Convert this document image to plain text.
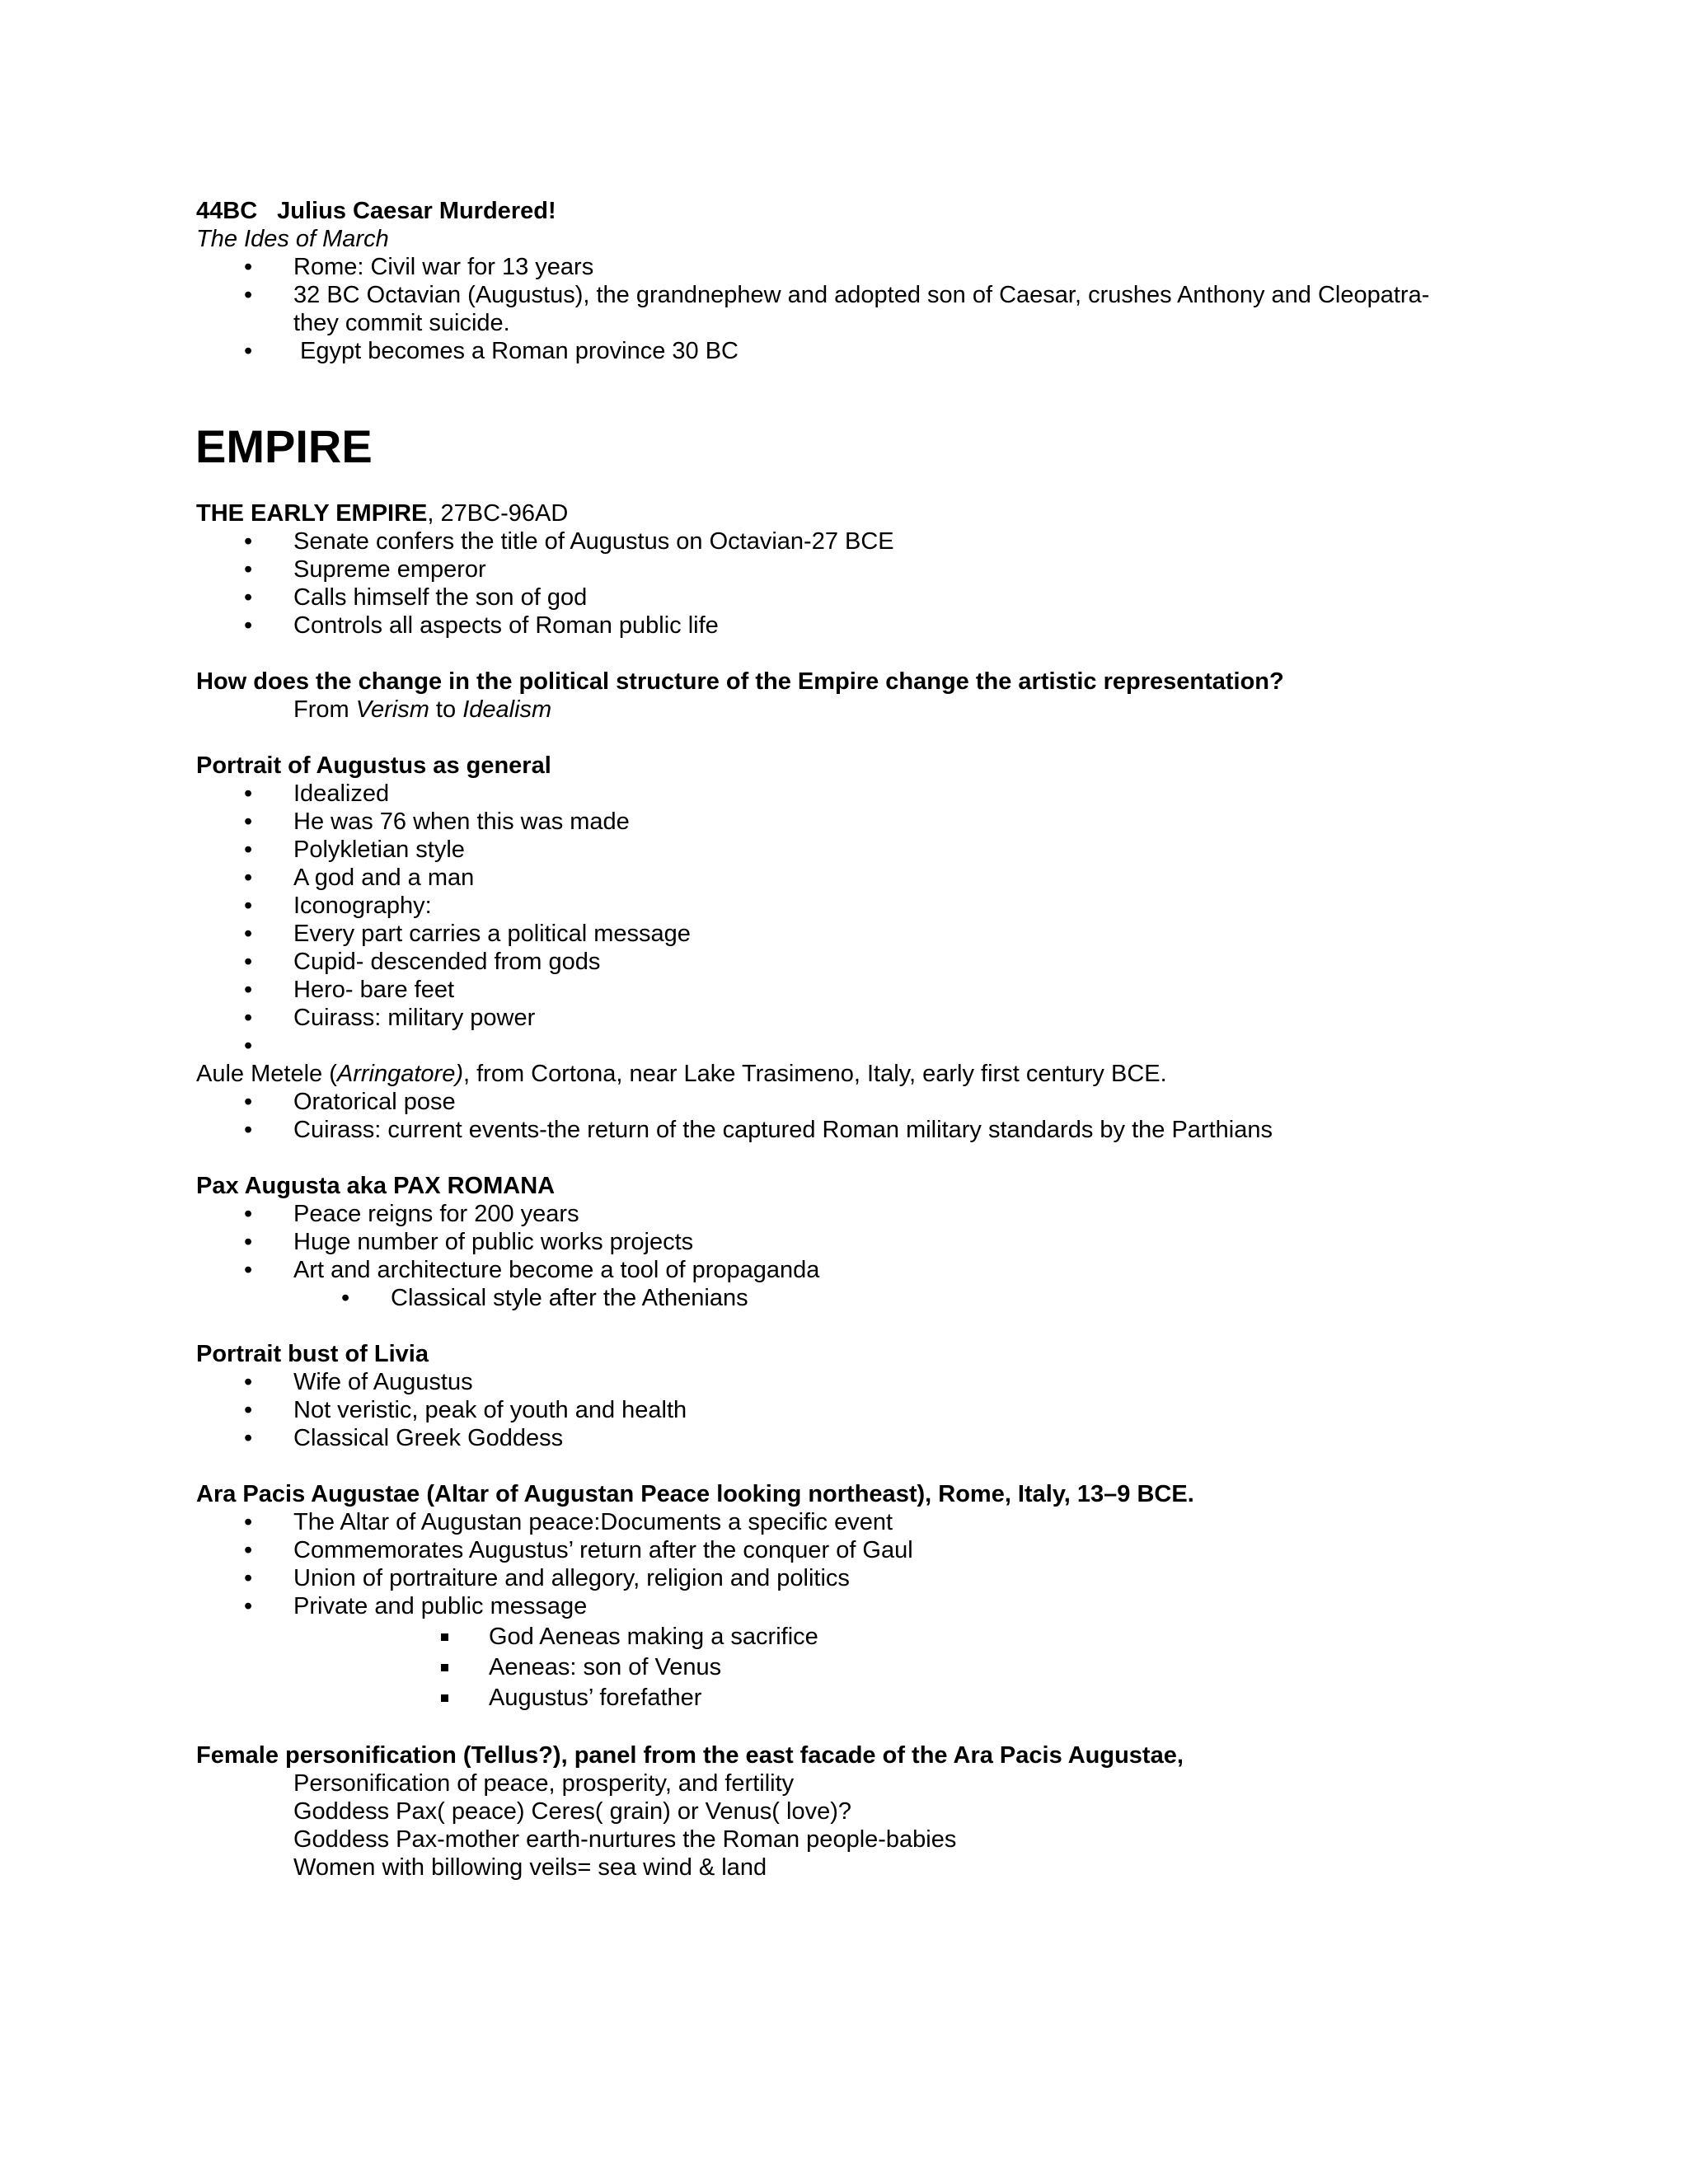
44BC Julius Caesar Murdered!
The Ides of March
• Rome: Civil war for 13 years
• 32 BC Octavian (Augustus), the grandnephew and adopted son of Caesar, crushes Anthony and Cleopatra-
they commit suicide.
• Egypt becomes a Roman province 30 BC
EMPIRE
THE EARLY EMPIRE, 27BC-96AD
• Senate confers the title of Augustus on Octavian-27 BCE
• Supreme emperor
• Calls himself the son of god
• Controls all aspects of Roman public life
How does the change in the political structure of the Empire change the artistic representation?
From Verism to Idealism
Portrait of Augustus as general
• Idealized
• He was 76 when this was made
• Polykletian style
• A god and a man
• Iconography:
• Every part carries a political message
• Cupid- descended from gods
• Hero- bare feet
• Cuirass: military power
•
Aule Metele (Arringatore), from Cortona, near Lake Trasimeno, Italy, early first century BCE.
• Oratorical pose
• Cuirass: current events-the return of the captured Roman military standards by the Parthians
Pax Augusta aka PAX ROMANA
• Peace reigns for 200 years
• Huge number of public works projects
• Art and architecture become a tool of propaganda
• Classical style after the Athenians
Portrait bust of Livia
• Wife of Augustus
• Not veristic, peak of youth and health
• Classical Greek Goddess
Ara Pacis Augustae (Altar of Augustan Peace looking northeast), Rome, Italy, 13–9 BCE.
• The Altar of Augustan peace:Documents a specific event
• Commemorates Augustus’ return after the conquer of Gaul
• Union of portraiture and allegory, religion and politics
• Private and public message
God Aeneas making a sacrifice
Aeneas: son of Venus
Augustus’ forefather
Female personification (Tellus?), panel from the east facade of the Ara Pacis Augustae,
Personification of peace, prosperity, and fertility
Goddess Pax( peace) Ceres( grain) or Venus( love)?
Goddess Pax-mother earth-nurtures the Roman people-babies
Women with billowing veils= sea wind & land
